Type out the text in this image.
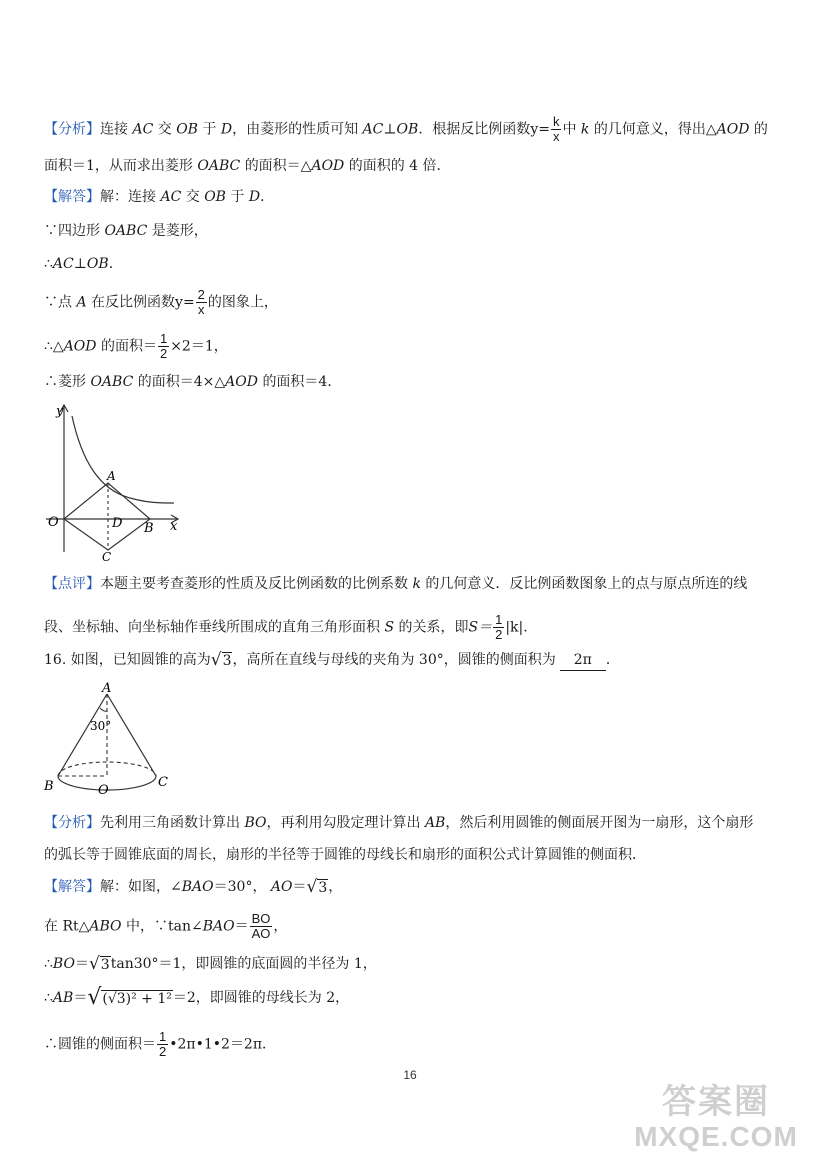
【分析】连接 AC 交 OB 于 D，由菱形的性质可知 AC⊥OB．根据反比例函数$y= \frac{k}{x}$ 中 k 的几何意义，得出△AOD 的
面积＝1，从而求出菱形 OABC 的面积＝△AOD 的面积的 4 倍．
【解答】解：连接 AC 交 OB 于 D．
∵四边形 OABC 是菱形，
∴AC⊥OB．
∵点 A 在反比例函数$y= \frac{2}{x}$ 的图象上，
∴△AOD 的面积＝ $\frac{1}{2} \times 2=1$，
∴菱形 OABC 的面积＝4×△AOD 的面积＝4．
y
x
O
A
D B
C
【点评】本题主要考查菱形的性质及反比例函数的比例系数 k 的几何意义．反比例函数图象上的点与原点所连的线
段、坐标轴、向坐标轴作垂线所围成的直角三角形面积 S 的关系，即$S= \frac{1}{2} |k|$.
16. 如图，已知圆锥的高为 √ 3 ，高所在直线与母线的夹角为 30°，圆锥的侧面积为 2π ．
A
30°
B	C
O
【分析】先利用三角函数计算出 BO，再利用勾股定理计算出 AB，然后利用圆锥的侧面展开图为一扇形，这个扇形
的弧长等于圆锥底面的周长，扇形的半径等于圆锥的母线长和扇形的面积公式计算圆锥的侧面积．
【解答】解：如图，∠BAO＝30°， AO＝ √ 3 ，
在 Rt△ABO 中，∵tan∠BAO＝ $\frac{BO}{AO}$ ，
∴BO＝ √ 3 tan30°＝1，即圆锥的底面圆的半径为 1，
∴AB＝ √ (√3)² + 1² ＝2，即圆锥的母线长为 2，
∴圆锥的侧面积＝ $\frac{1}{2}$ •2π•1•2＝2π．
16
答案圈
MXQE.COM
